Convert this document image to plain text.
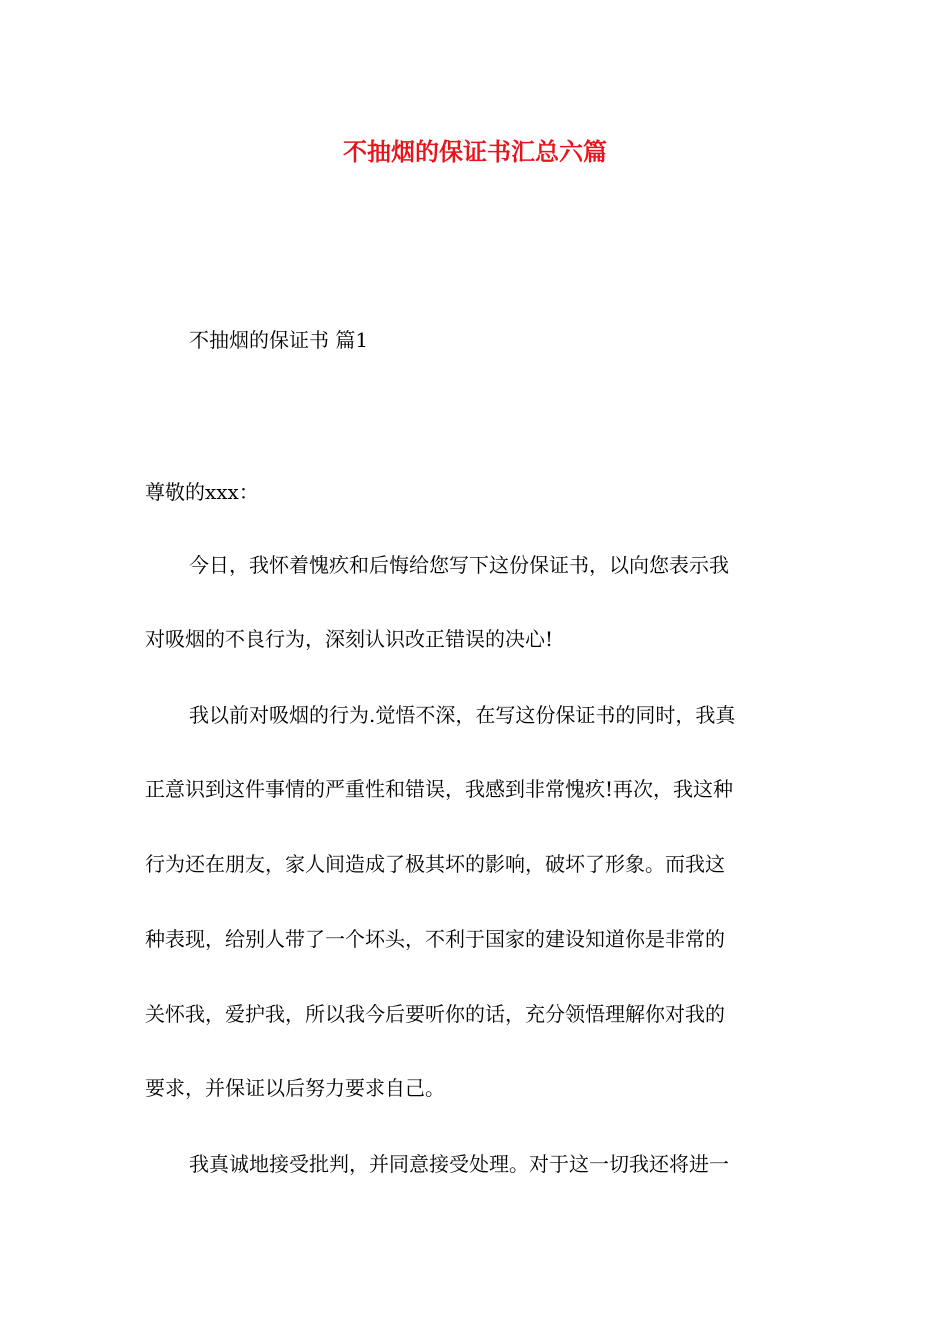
不抽烟的保证书汇总六篇
不抽烟的保证书 篇1
尊敬的xxx：
今日，我怀着愧疚和后悔给您写下这份保证书，以向您表示我
对吸烟的不良行为，深刻认识改正错误的决心!
我以前对吸烟的行为.觉悟不深，在写这份保证书的同时，我真
正意识到这件事情的严重性和错误，我感到非常愧疚!再次，我这种
行为还在朋友，家人间造成了极其坏的影响，破坏了形象。而我这
种表现，给别人带了一个坏头，不利于国家的建设知道你是非常的
关怀我，爱护我，所以我今后要听你的话，充分领悟理解你对我的
要求，并保证以后努力要求自己。
我真诚地接受批判，并同意接受处理。对于这一切我还将进一
